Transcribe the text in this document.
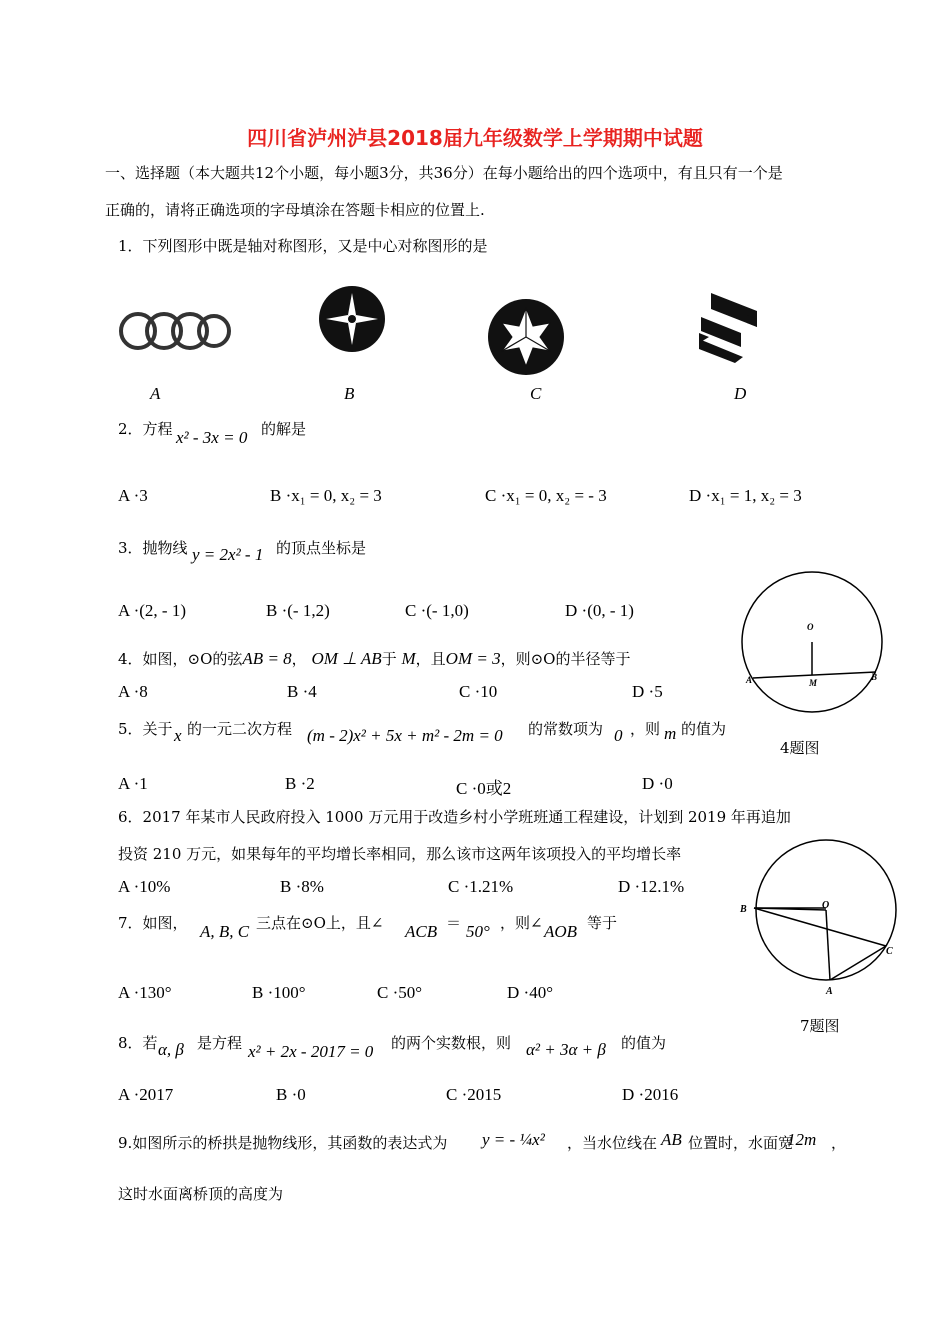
四川省泸州泸县2018届九年级数学上学期期中试题
一、选择题（本大题共12个小题，每小题3分，共36分）在每小题给出的四个选项中，有且只有一个是
正确的，请将正确选项的字母填涂在答题卡相应的位置上.
1．下列图形中既是轴对称图形，又是中心对称图形的是
A	B	C	D
2．方程 x² - 3x = 0 的解是
A ·3	B ·x₁ = 0, x₂ = 3	C ·x₁ = 0, x₂ = - 3	D ·x₁ = 1, x₂ = 3
3．抛物线 y = 2x² - 1 的顶点坐标是
A ·(2, - 1)	B ·(- 1,2)	C ·(- 1,0)	D ·(0, - 1)
4．如图，⊙O的弦AB = 8， OM ⊥ AB于 M，且OM = 3，则⊙O的半径等于
A ·8	B ·4	C ·10	D ·5
O
A	M
B
4题图
5．关于 x 的一元二次方程 (m - 2)x² + 5x + m² - 2m = 0 的常数项为 0 ，则 m 的值为
A ·1	B ·2	C ·0或2	D ·0
6．2017 年某市人民政府投入 1000 万元用于改造乡村小学班班通工程建设，计划到 2019 年再追加
投资 210 万元，如果每年的平均增长率相同，那么该市这两年该项投入的平均增长率
A ·10%	B ·8%	C ·1.21%	D ·12.1%
7．如图， A, B, C 三点在⊙O上，且∠ ACB ＝ 50° ，则∠ AOB 等于
A ·130°	B ·100°	C ·50°	D ·40°
O
B
C
A
7题图
8．若 α, β 是方程 x² + 2x - 2017 = 0 的两个实数根，则 α² + 3α + β 的值为
A ·2017	B ·0	C ·2015	D ·2016
9.如图所示的桥拱是抛物线形，其函数的表达式为 y = - ¼x² ，当水位线在 AB 位置时，水面宽
12m ，
这时水面离桥顶的高度为
